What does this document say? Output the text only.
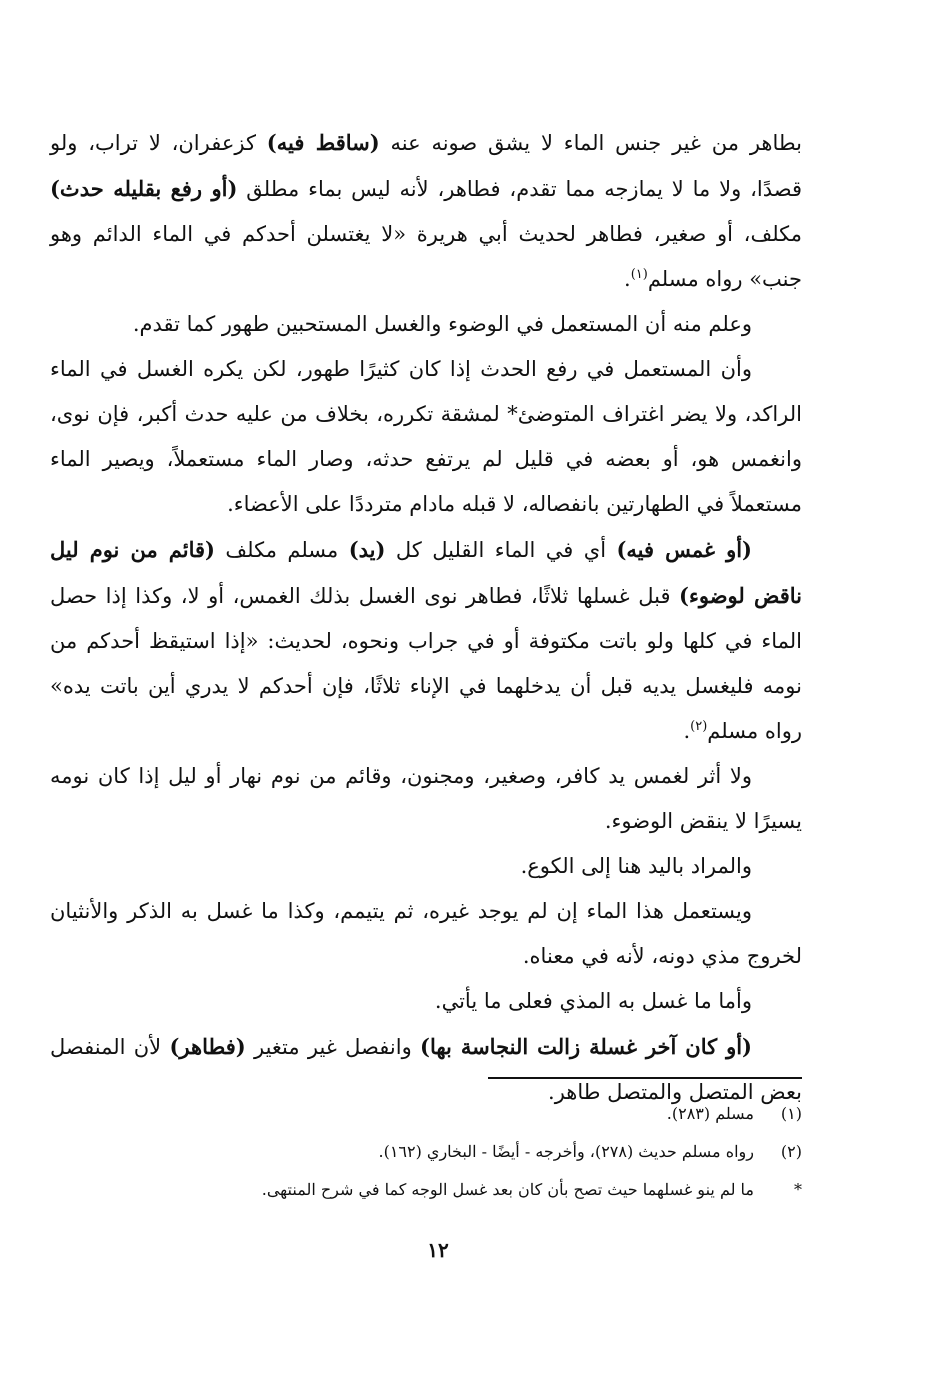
بطاهر من غير جنس الماء لا يشق صونه عنه (ساقط فيه) كزعفران، لا تراب، ولو قصدًا، ولا ما لا يمازجه مما تقدم، فطاهر، لأنه ليس بماء مطلق (أو رفع بقليله حدث) مكلف، أو صغير، فطاهر لحديث أبي هريرة «لا يغتسلن أحدكم في الماء الدائم وهو جنب» رواه مسلم$^{(١)}$.

وعلم منه أن المستعمل في الوضوء والغسل المستحبين طهور كما تقدم.

وأن المستعمل في رفع الحدث إذا كان كثيرًا طهور، لكن يكره الغسل في الماء الراكد، ولا يضر اغتراف المتوضئ* لمشقة تكرره، بخلاف من عليه حدث أكبر، فإن نوى، وانغمس هو، أو بعضه في قليل لم يرتفع حدثه، وصار الماء مستعملاً، ويصير الماء مستعملاً في الطهارتين بانفصاله، لا قبله مادام مترددًا على الأعضاء.

(أو غمس فيه) أي في الماء القليل كل (يد) مسلم مكلف (قائم من نوم ليل ناقض لوضوء) قبل غسلها ثلاثًا، فطاهر نوى الغسل بذلك الغمس، أو لا، وكذا إذا حصل الماء في كلها ولو باتت مكتوفة أو في جراب ونحوه، لحديث: «إذا استيقظ أحدكم من نومه فليغسل يديه قبل أن يدخلهما في الإناء ثلاثًا، فإن أحدكم لا يدري أين باتت يده» رواه مسلم$^{(٢)}$.

ولا أثر لغمس يد كافر، وصغير، ومجنون، وقائم من نوم نهار أو ليل إذا كان نومه يسيرًا لا ينقض الوضوء.

والمراد باليد هنا إلى الكوع.

ويستعمل هذا الماء إن لم يوجد غيره، ثم يتيمم، وكذا ما غسل به الذكر والأنثيان لخروج مذي دونه، لأنه في معناه.

وأما ما غسل به المذي فعلى ما يأتي.

(أو كان آخر غسلة زالت النجاسة بها) وانفصل غير متغير (فطاهر) لأن المنفصل بعض المتصل والمتصل طاهر.

(١)مسلم (٢٨٣).
(٢)رواه مسلم حديث (٢٧٨)، وأخرجه - أيضًا - البخاري (١٦٢).
*ما لم ينو غسلهما حيث تصح بأن كان بعد غسل الوجه كما في شرح المنتهى.
١٢
